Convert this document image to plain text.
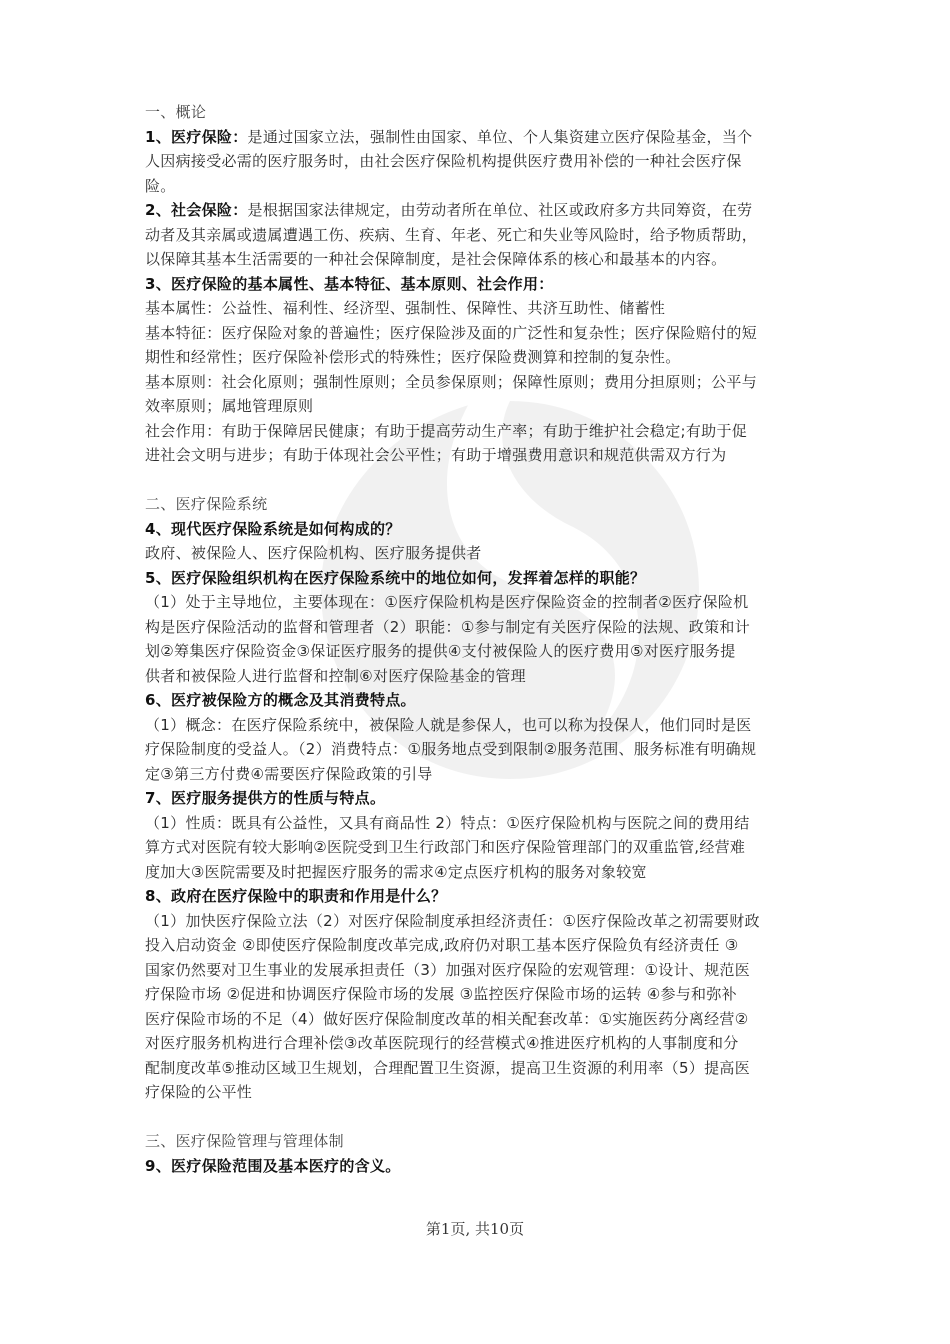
一、概论
1、医疗保险：是通过国家立法，强制性由国家、单位、个人集资建立医疗保险基金，当个
人因病接受必需的医疗服务时，由社会医疗保险机构提供医疗费用补偿的一种社会医疗保
险。
2、社会保险：是根据国家法律规定，由劳动者所在单位、社区或政府多方共同筹资，在劳
动者及其亲属或遗属遭遇工伤、疾病、生育、年老、死亡和失业等风险时，给予物质帮助，
以保障其基本生活需要的一种社会保障制度，是社会保障体系的核心和最基本的内容。
3、医疗保险的基本属性、基本特征、基本原则、社会作用：
基本属性：公益性、福利性、经济型、强制性、保障性、共济互助性、储蓄性
基本特征：医疗保险对象的普遍性；医疗保险涉及面的广泛性和复杂性；医疗保险赔付的短
期性和经常性；医疗保险补偿形式的特殊性；医疗保险费测算和控制的复杂性。
基本原则：社会化原则；强制性原则；全员参保原则；保障性原则；费用分担原则；公平与
效率原则；属地管理原则
社会作用：有助于保障居民健康；有助于提高劳动生产率；有助于维护社会稳定;有助于促
进社会文明与进步；有助于体现社会公平性；有助于增强费用意识和规范供需双方行为
二、医疗保险系统
4、现代医疗保险系统是如何构成的？
政府、被保险人、医疗保险机构、医疗服务提供者
5、医疗保险组织机构在医疗保险系统中的地位如何，发挥着怎样的职能？
（1）处于主导地位，主要体现在：①医疗保险机构是医疗保险资金的控制者②医疗保险机
构是医疗保险活动的监督和管理者（2）职能：①参与制定有关医疗保险的法规、政策和计
划②筹集医疗保险资金③保证医疗服务的提供④支付被保险人的医疗费用⑤对医疗服务提
供者和被保险人进行监督和控制⑥对医疗保险基金的管理
6、医疗被保险方的概念及其消费特点。
（1）概念：在医疗保险系统中，被保险人就是参保人，也可以称为投保人，他们同时是医
疗保险制度的受益人。（2）消费特点：①服务地点受到限制②服务范围、服务标准有明确规
定③第三方付费④需要医疗保险政策的引导
7、医疗服务提供方的性质与特点。
（1）性质：既具有公益性，又具有商品性 2）特点：①医疗保险机构与医院之间的费用结
算方式对医院有较大影响②医院受到卫生行政部门和医疗保险管理部门的双重监管,经营难
度加大③医院需要及时把握医疗服务的需求④定点医疗机构的服务对象较宽
8、政府在医疗保险中的职责和作用是什么？
（1）加快医疗保险立法（2）对医疗保险制度承担经济责任：①医疗保险改革之初需要财政
投入启动资金 ②即使医疗保险制度改革完成,政府仍对职工基本医疗保险负有经济责任 ③
国家仍然要对卫生事业的发展承担责任（3）加强对医疗保险的宏观管理：①设计、规范医
疗保险市场 ②促进和协调医疗保险市场的发展 ③监控医疗保险市场的运转 ④参与和弥补
医疗保险市场的不足（4）做好医疗保险制度改革的相关配套改革：①实施医药分离经营②
对医疗服务机构进行合理补偿③改革医院现行的经营模式④推进医疗机构的人事制度和分
配制度改革⑤推动区域卫生规划，合理配置卫生资源，提高卫生资源的利用率（5）提高医
疗保险的公平性
三、医疗保险管理与管理体制
9、医疗保险范围及基本医疗的含义。
第1页, 共10页
